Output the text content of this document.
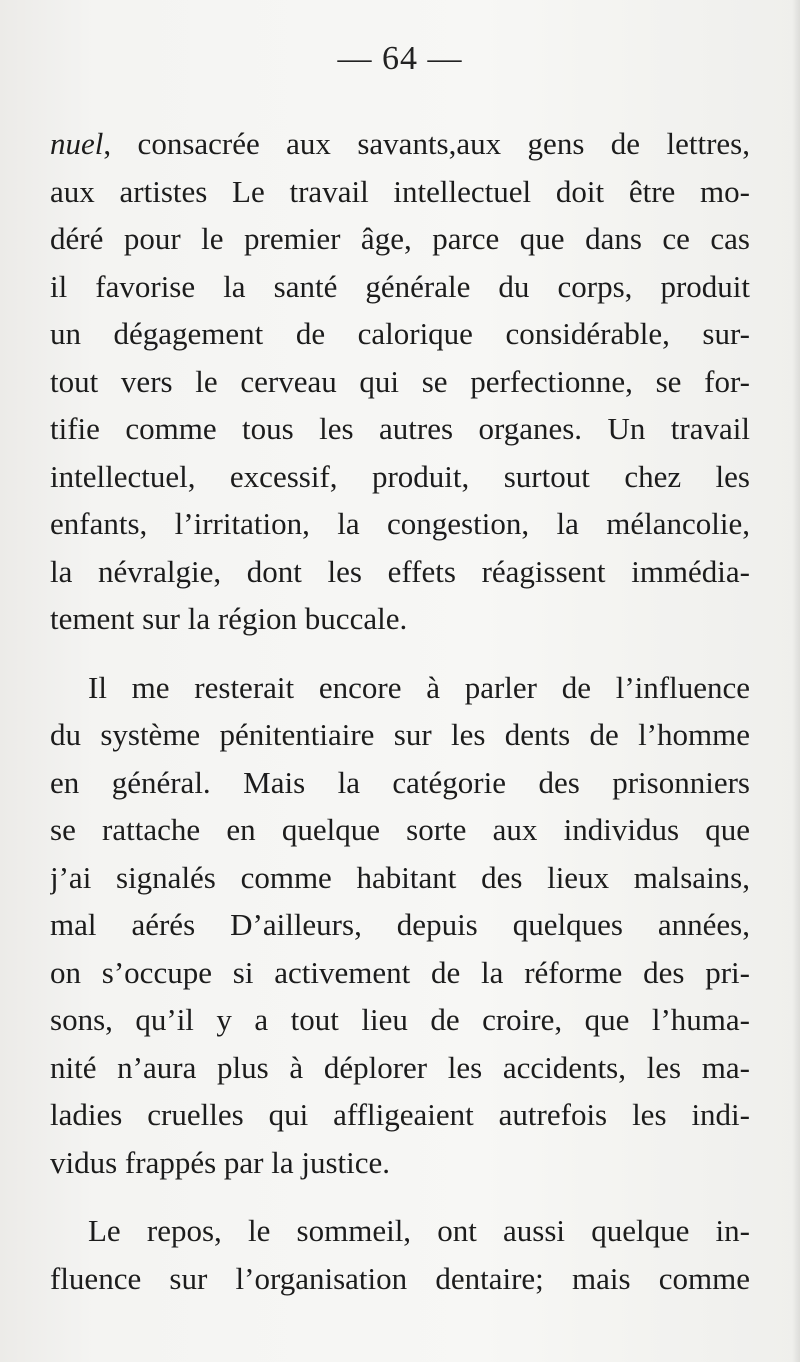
— 64 —
nuel, consacrée aux savants,aux gens de lettres,
aux artistes Le travail intellectuel doit être mo-
déré pour le premier âge, parce que dans ce cas
il favorise la santé générale du corps, produit
un dégagement de calorique considérable, sur-
tout vers le cerveau qui se perfectionne, se for-
tifie comme tous les autres organes. Un travail
intellectuel, excessif, produit, surtout chez les
enfants, l’irritation, la congestion, la mélancolie,
la névralgie, dont les effets réagissent immédia-
tement sur la région buccale.
Il me resterait encore à parler de l’influence
du système pénitentiaire sur les dents de l’homme
en général. Mais la catégorie des prisonniers
se rattache en quelque sorte aux individus que
j’ai signalés comme habitant des lieux malsains,
mal aérés D’ailleurs, depuis quelques années,
on s’occupe si activement de la réforme des pri-
sons, qu’il y a tout lieu de croire, que l’huma-
nité n’aura plus à déplorer les accidents, les ma-
ladies cruelles qui affligeaient autrefois les indi-
vidus frappés par la justice.
Le repos, le sommeil, ont aussi quelque in-
fluence sur l’organisation dentaire; mais comme
